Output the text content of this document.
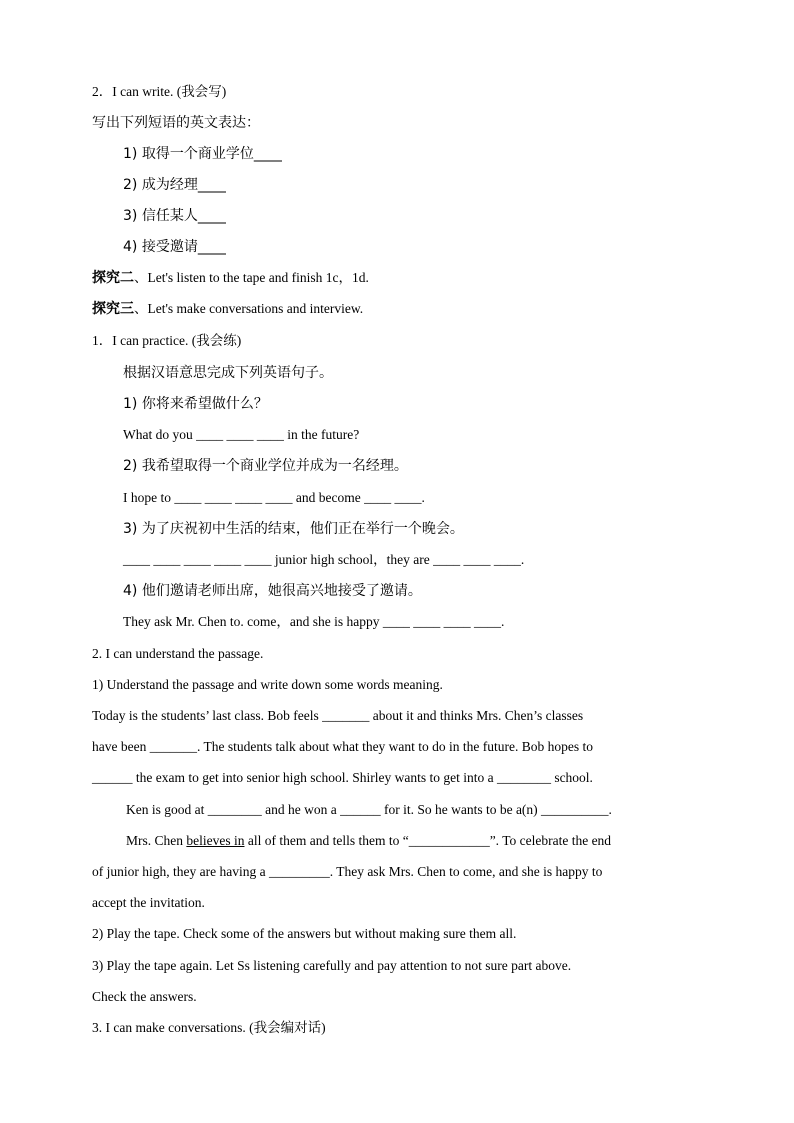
2．I can write. (我会写)
写出下列短语的英文表达：
1) 取得一个商业学位____
2) 成为经理____
3) 信任某人____
4) 接受邀请____
探究二、Let's listen to the tape and finish 1c，1d.
探究三、Let's make conversations and interview.
1．I can practice. (我会练)
根据汉语意思完成下列英语句子。
1) 你将来希望做什么？
What do you ____ ____ ____ in the future?
2) 我希望取得一个商业学位并成为一名经理。
I hope to ____ ____ ____ ____ and become ____ ____.
3) 为了庆祝初中生活的结束，他们正在举行一个晚会。
____ ____ ____ ____ ____ junior high school，they are ____ ____ ____.
4) 他们邀请老师出席，她很高兴地接受了邀请。
They ask Mr. Chen to. come，and she is happy ____ ____ ____ ____.
2. I can understand the passage.
1) Understand the passage and write down some words meaning.
Today is the students’ last class. Bob feels _______ about it and thinks Mrs. Chen’s classes
have been _______. The students talk about what they want to do in the future. Bob hopes to
______ the exam to get into senior high school. Shirley wants to get into a ________ school.
Ken is good at ________ and he won a ______ for it. So he wants to be a(n) __________.
Mrs. Chen believes in all of them and tells them to “____________”. To celebrate the end
of junior high, they are having a _________. They ask Mrs. Chen to come, and she is happy to
accept the invitation.
2) Play the tape. Check some of the answers but without making sure them all.
3) Play the tape again. Let Ss listening carefully and pay attention to not sure part above.
Check the answers.
3. I can make conversations. (我会编对话)
